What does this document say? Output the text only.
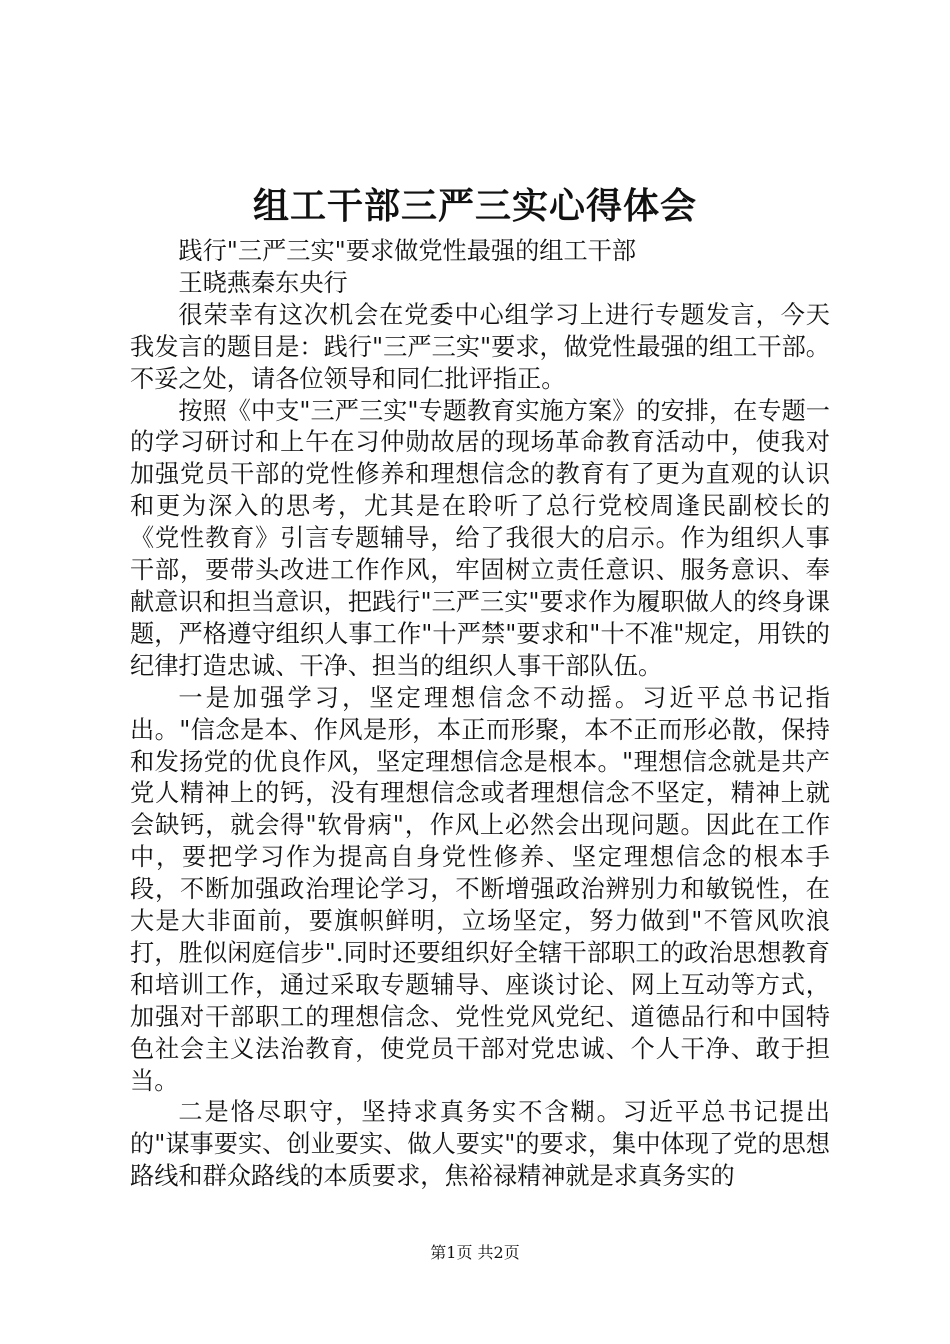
组工干部三严三实心得体会

践行"三严三实"要求做党性最强的组工干部

王晓燕秦东央行

很荣幸有这次机会在党委中心组学习上进行专题发言，今天我发言的题目是：践行"三严三实"要求，做党性最强的组工干部。不妥之处，请各位领导和同仁批评指正。

按照《中支"三严三实"专题教育实施方案》的安排，在专题一的学习研讨和上午在习仲勋故居的现场革命教育活动中，使我对加强党员干部的党性修养和理想信念的教育有了更为直观的认识和更为深入的思考，尤其是在聆听了总行党校周逢民副校长的《党性教育》引言专题辅导，给了我很大的启示。作为组织人事干部，要带头改进工作作风，牢固树立责任意识、服务意识、奉献意识和担当意识，把践行"三严三实"要求作为履职做人的终身课题，严格遵守组织人事工作"十严禁"要求和"十不准"规定，用铁的纪律打造忠诚、干净、担当的组织人事干部队伍。

一是加强学习，坚定理想信念不动摇。习近平总书记指出。"信念是本、作风是形，本正而形聚，本不正而形必散，保持和发扬党的优良作风，坚定理想信念是根本。"理想信念就是共产党人精神上的钙，没有理想信念或者理想信念不坚定，精神上就会缺钙，就会得"软骨病"，作风上必然会出现问题。因此在工作中，要把学习作为提高自身党性修养、坚定理想信念的根本手段，不断加强政治理论学习，不断增强政治辨别力和敏锐性，在大是大非面前，要旗帜鲜明，立场坚定，努力做到"不管风吹浪打，胜似闲庭信步".同时还要组织好全辖干部职工的政治思想教育和培训工作，通过采取专题辅导、座谈讨论、网上互动等方式，加强对干部职工的理想信念、党性党风党纪、道德品行和中国特色社会主义法治教育，使党员干部对党忠诚、个人干净、敢于担当。

二是恪尽职守，坚持求真务实不含糊。习近平总书记提出的"谋事要实、创业要实、做人要实"的要求，集中体现了党的思想路线和群众路线的本质要求，焦裕禄精神就是求真务实的

第1页 共2页
